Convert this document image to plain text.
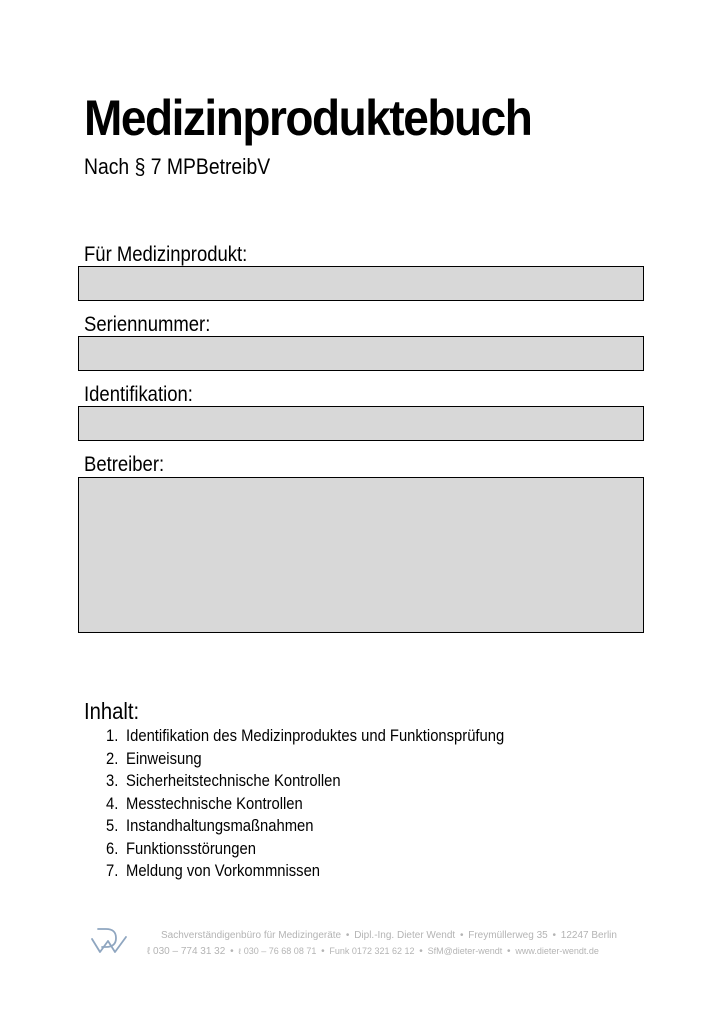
Medizinproduktebuch
Nach § 7 MPBetreibV
Für Medizinprodukt:
Seriennummer:
Identifikation:
Betreiber:
Inhalt:
1. Identifikation des Medizinproduktes und Funktionsprüfung
2. Einweisung
3. Sicherheitstechnische Kontrollen
4. Messtechnische Kontrollen
5. Instandhaltungsmaßnahmen
6. Funktionsstörungen
7. Meldung von Vorkommnissen
Sachverständigenbüro für Medizingeräte • Dipl.-Ing. Dieter Wendt • Freymüllerweg 35 • 12247 Berlin
ℓ 030 – 774 31 32 • ℓ 030 – 76 68 08 71 • Funk 0172 321 62 12 • SfM@dieter-wendt • www.dieter-wendt.de
